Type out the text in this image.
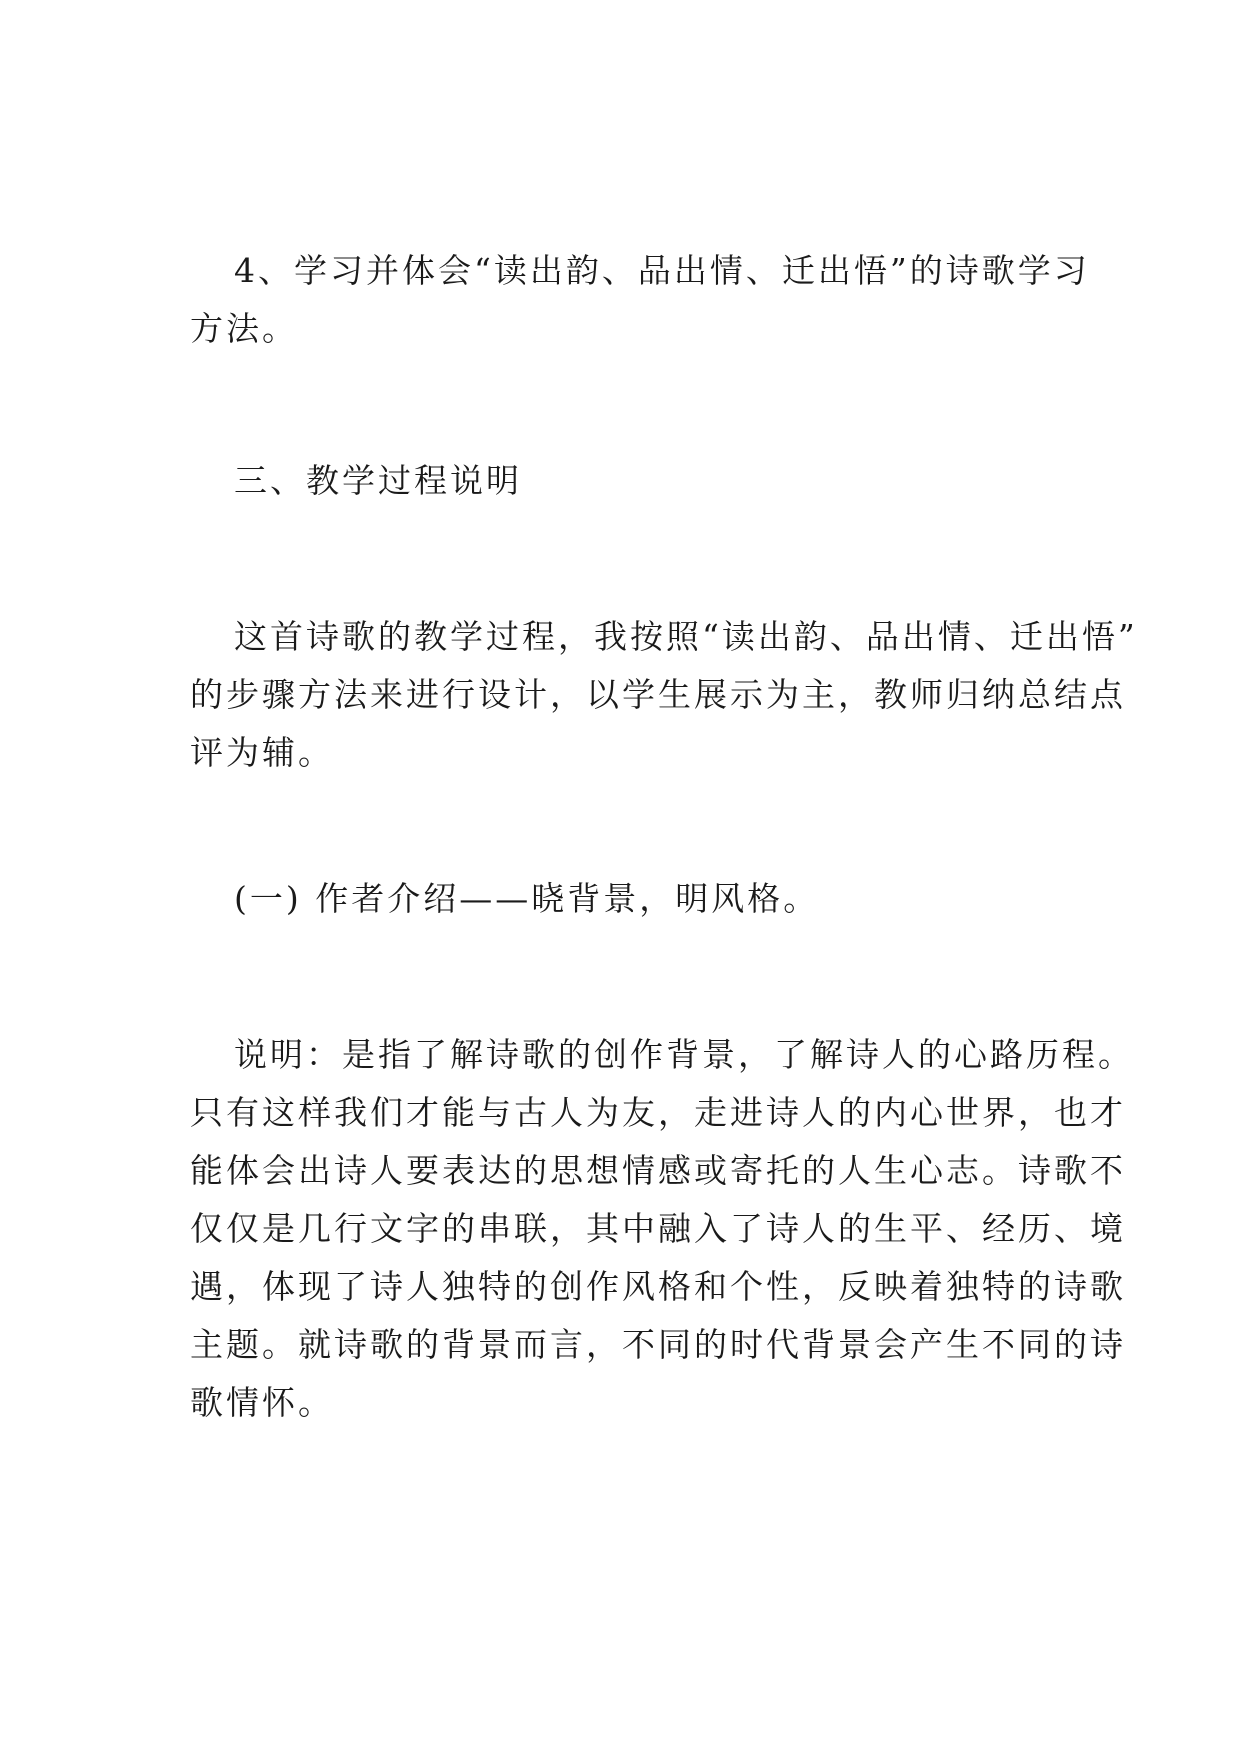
4、学习并体会“读出韵、品出情、迁出悟”的诗歌学习
方法。
三、教学过程说明
这首诗歌的教学过程，我按照“读出韵、品出情、迁出悟”
的步骤方法来进行设计，以学生展示为主，教师归纳总结点
评为辅。
(一) 作者介绍——晓背景，明风格。
说明：是指了解诗歌的创作背景，了解诗人的心路历程。
只有这样我们才能与古人为友，走进诗人的内心世界，也才
能体会出诗人要表达的思想情感或寄托的人生心志。诗歌不
仅仅是几行文字的串联，其中融入了诗人的生平、经历、境
遇，体现了诗人独特的创作风格和个性，反映着独特的诗歌
主题。就诗歌的背景而言，不同的时代背景会产生不同的诗
歌情怀。
